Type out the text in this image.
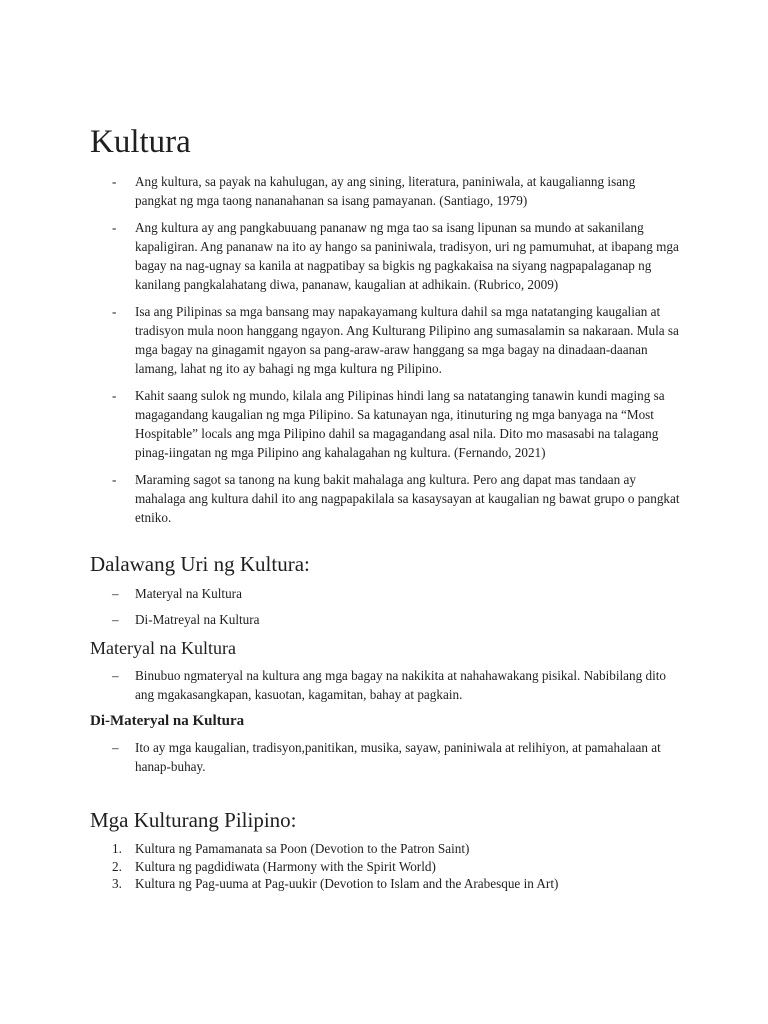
Kultura
- Ang kultura, sa payak na kahulugan, ay ang sining, literatura, paniniwala, at kaugalianng isang pangkat ng mga taong nananahanan sa isang pamayanan. (Santiago, 1979)
- Ang kultura ay ang pangkabuuang pananaw ng mga tao sa isang lipunan sa mundo at sakanilang kapaligiran. Ang pananaw na ito ay hango sa paniniwala, tradisyon, uri ng pamumuhat, at ibapang mga bagay na nag-ugnay sa kanila at nagpatibay sa bigkis ng pagkakaisa na siyang nagpapalaganap ng kanilang pangkalahatang diwa, pananaw, kaugalian at adhikain. (Rubrico, 2009)
- Isa ang Pilipinas sa mga bansang may napakayamang kultura dahil sa mga natatanging kaugalian at tradisyon mula noon hanggang ngayon. Ang Kulturang Pilipino ang sumasalamin sa nakaraan. Mula sa mga bagay na ginagamit ngayon sa pang-araw-araw hanggang sa mga bagay na dinadaan-daanan lamang, lahat ng ito ay bahagi ng mga kultura ng Pilipino.
- Kahit saang sulok ng mundo, kilala ang Pilipinas hindi lang sa natatanging tanawin kundi maging sa magagandang kaugalian ng mga Pilipino. Sa katunayan nga, itinuturing ng mga banyaga na “Most Hospitable” locals ang mga Pilipino dahil sa magagandang asal nila. Dito mo masasabi na talagang pinag-iingatan ng mga Pilipino ang kahalagahan ng kultura. (Fernando, 2021)
- Maraming sagot sa tanong na kung bakit mahalaga ang kultura. Pero ang dapat mas tandaan ay mahalaga ang kultura dahil ito ang nagpapakilala sa kasaysayan at kaugalian ng bawat grupo o pangkat etniko.
Dalawang Uri ng Kultura:
– Materyal na Kultura
– Di-Matreyal na Kultura
Materyal na Kultura
– Binubuo ngmateryal na kultura ang mga bagay na nakikita at nahahawakang pisikal. Nabibilang dito ang mgakasangkapan, kasuotan, kagamitan, bahay at pagkain.
Di-Materyal na Kultura
– Ito ay mga kaugalian, tradisyon,panitikan, musika, sayaw, paniniwala at relihiyon, at pamahalaan at hanap-buhay.
Mga Kulturang Pilipino:
1. Kultura ng Pamamanata sa Poon (Devotion to the Patron Saint)
2. Kultura ng pagdidiwata (Harmony with the Spirit World)
3. Kultura ng Pag-uuma at Pag-uukir (Devotion to Islam and the Arabesque in Art)
